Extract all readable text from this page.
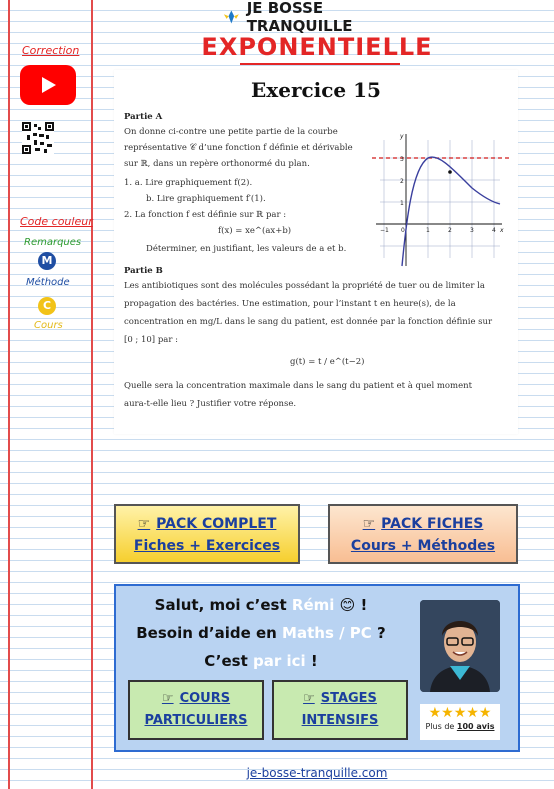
JE BOSSE TRANQUILLE
EXPONENTIELLE
Correction
Code couleur
Remarques
M
Méthode
C
Cours
Exercice 15
Partie A
On donne ci-contre une petite partie de la courbe
représentative 𝒞 d’une fonction f définie et dérivable
sur ℝ, dans un repère orthonormé du plan.
1. a. Lire graphiquement f(2).
b. Lire graphiquement f′(1).
2. La fonction f est définie sur ℝ par :
f(x) = xe^(ax+b)
Déterminer, en justifiant, les valeurs de a et b.
Partie B
Les antibiotiques sont des molécules possédant la propriété de tuer ou de limiter la
propagation des bactéries. Une estimation, pour l’instant t en heure(s), de la
concentration en mg/L dans le sang du patient, est donnée par la fonction définie sur
[0 ; 10] par :
g(t) = t / e^(t−2)
Quelle sera la concentration maximale dans le sang du patient et à quel moment
aura-t-elle lieu ? Justifier votre réponse.
−1 0	1	2	3	4
1
2
3
x
y
☞ PACK COMPLET
Fiches + Exercices
☞ PACK FICHES
Cours + Méthodes
Salut, moi c’est Rémi 😊 !
Besoin d’aide en Maths / PC ?
C’est par ici !
★★★★★
Plus de 100 avis
☞ COURS
PARTICULIERS
☞ STAGES
INTENSIFS
je-bosse-tranquille.com
